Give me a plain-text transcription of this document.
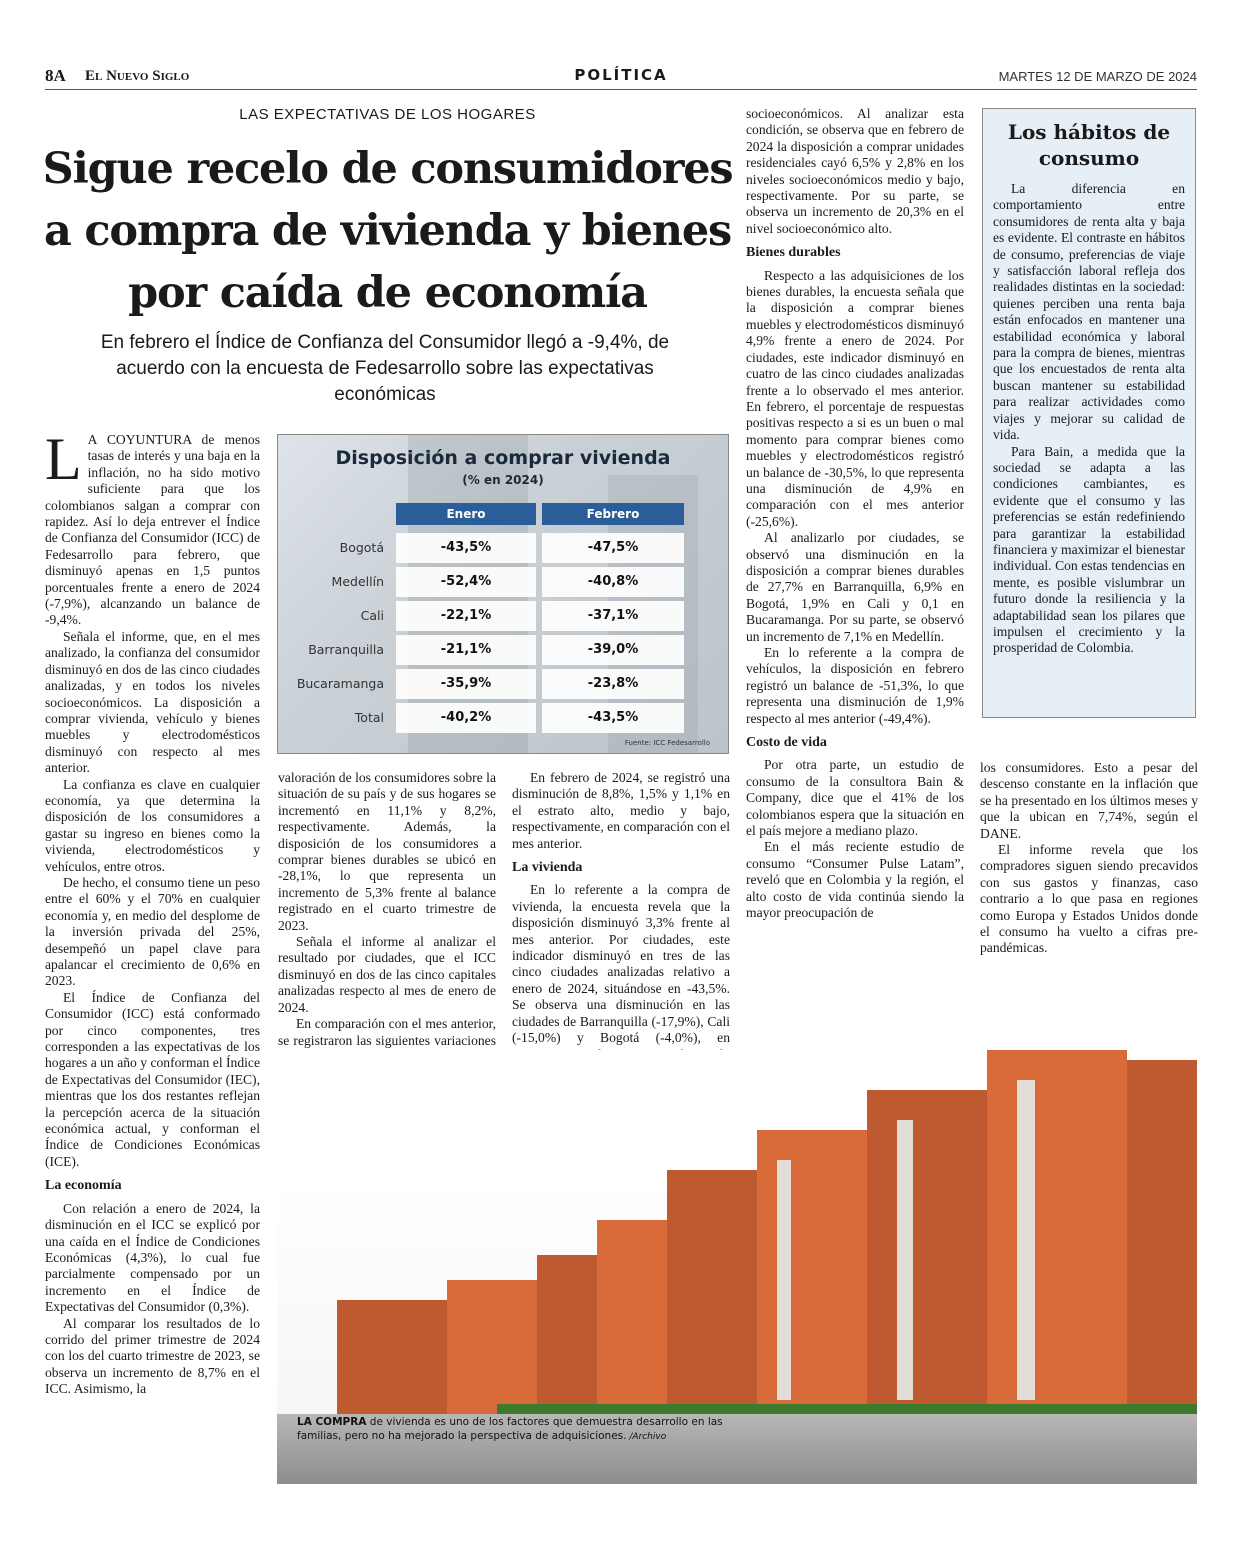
8A El Nuevo Siglo	POLÍTICA	MARTES 12 DE MARZO DE 2024
LAS EXPECTATIVAS DE LOS HOGARES
Sigue recelo de consumidores a compra de vivienda y bienes por caída de economía
En febrero el Índice de Confianza del Consumidor llegó a -9,4%, de acuerdo con la encuesta de Fedesarrollo sobre las expectativas económicas

L A COYUNTURA de menos tasas de interés y una baja en la inflación, no ha sido motivo suficiente para que los colombianos salgan a comprar con rapidez. Así lo deja entrever el Índice de Confianza del Consumidor (ICC) de Fedesarrollo para febrero, que disminuyó apenas en 1,5 puntos porcentuales frente a enero de 2024 (-7,9%), alcanzando un balance de -9,4%.

Señala el informe, que, en el mes analizado, la confianza del consumidor disminuyó en dos de las cinco ciudades analizadas, y en todos los niveles socioeconómicos. La disposición a comprar vivienda, vehículo y bienes muebles y electrodomésticos disminuyó con respecto al mes anterior.

La confianza es clave en cualquier economía, ya que determina la disposición de los consumidores a gastar su ingreso en bienes como la vivienda, electrodomésticos y vehículos, entre otros.

De hecho, el consumo tiene un peso entre el 60% y el 70% en cualquier economía y, en medio del desplome de la inversión privada del 25%, desempeñó un papel clave para apalancar el crecimiento de 0,6% en 2023.

El Índice de Confianza del Consumidor (ICC) está conformado por cinco componentes, tres corresponden a las expectativas de los hogares a un año y conforman el Índice de Expectativas del Consumidor (IEC), mientras que los dos restantes reflejan la percepción acerca de la situación económica actual, y conforman el Índice de Condiciones Económicas (ICE).

La economía

Con relación a enero de 2024, la disminución en el ICC se explicó por una caída en el Índice de Condiciones Económicas (4,3%), lo cual fue parcialmente compensado por un incremento en el Índice de Expectativas del Consumidor (0,3%).

Al comparar los resultados de lo corrido del primer trimestre de 2024 con los del cuarto trimestre de 2023, se observa un incremento de 8,7% en el ICC. Asimismo, la

Disposición a comprar vivienda
(% en 2024)
Enero	Febrero
Bogotá	-43,5%	-47,5%
Medellín	-52,4%	-40,8%
Cali	-22,1%	-37,1%
Barranquilla	-21,1%	-39,0%
Bucaramanga	-35,9%	-23,8%
Total	-40,2%	-43,5%
Fuente: ICC Fedesarrollo

valoración de los consumidores sobre la situación de su país y de sus hogares se incrementó en 11,1% y 8,2%, respectivamente. Además, la disposición de los consumidores a comprar bienes durables se ubicó en -28,1%, lo que representa un incremento de 5,3% frente al balance registrado en el cuarto trimestre de 2023.

Señala el informe al analizar el resultado por ciudades, que el ICC disminuyó en dos de las cinco capitales analizadas respecto al mes de enero de 2024.

En comparación con el mes anterior, se registraron las siguientes variaciones

En febrero de 2024, se registró una disminución de 8,8%, 1,5% y 1,1% en el estrato alto, medio y bajo, respectivamente, en comparación con el mes anterior.

La vivienda

En lo referente a la compra de vivienda, la encuesta revela que la disposición disminuyó 3,3% frente al mes anterior. Por ciudades, este indicador disminuyó en tres de las cinco ciudades analizadas relativo a enero de 2024, situándose en -43,5%. Se observa una disminución en las ciudades de Barranquilla (-17,9%), Cali (-15,0%) y Bogotá (-4,0%), en

socioeconómicos. Al analizar esta condición, se observa que en febrero de 2024 la disposición a comprar unidades residenciales cayó 6,5% y 2,8% en los niveles socioeconómicos medio y bajo, respectivamente. Por su parte, se observa un incremento de 20,3% en el nivel socioeconómico alto.

Bienes durables

Respecto a las adquisiciones de los bienes durables, la encuesta señala que la disposición a comprar bienes muebles y electrodomésticos disminuyó 4,9% frente a enero de 2024. Por ciudades, este indicador disminuyó en cuatro de las cinco ciudades analizadas frente a lo observado el mes anterior. En febrero, el porcentaje de respuestas positivas respecto a si es un buen o mal momento para comprar bienes como muebles y electrodomésticos registró un balance de -30,5%, lo que representa una disminución de 4,9% en comparación con el mes anterior (-25,6%).

Al analizarlo por ciudades, se observó una disminución en la disposición a comprar bienes durables de 27,7% en Barranquilla, 6,9% en Bogotá, 1,9% en Cali y 0,1 en Bucaramanga. Por su parte, se observó un incremento de 7,1% en Medellín.

En lo referente a la compra de vehículos, la disposición en febrero registró un balance de -51,3%, lo que representa una disminución de 1,9% respecto al mes anterior (-49,4%).

Costo de vida

Por otra parte, un estudio de consumo de la consultora Bain & Company, dice que el 41% de los colombianos espera que la situación en el país mejore a mediano plazo.

En el más reciente estudio de consumo “Consumer Pulse Latam”, reveló que en Colombia y la región, el alto costo de vida continúa siendo la mayor preocupación de

Los hábitos de consumo

La diferencia en comportamiento entre consumidores de renta alta y baja es evidente. El contraste en hábitos de consumo, preferencias de viaje y satisfacción laboral refleja dos realidades distintas en la sociedad: quienes perciben una renta baja están enfocados en mantener una estabilidad económica y laboral para la compra de bienes, mientras que los encuestados de renta alta buscan mantener su estabilidad para realizar actividades como viajes y mejorar su calidad de vida.

Para Bain, a medida que la sociedad se adapta a las condiciones cambiantes, es evidente que el consumo y las preferencias se están redefiniendo para garantizar la estabilidad financiera y maximizar el bienestar individual. Con estas tendencias en mente, es posible vislumbrar un futuro donde la resiliencia y la adaptabilidad sean los pilares que impulsen el crecimiento y la prosperidad de Colombia.

los consumidores. Esto a pesar del descenso constante en la inflación que se ha presentado en los últimos meses y que la ubican en 7,74%, según el DANE.

El informe revela que los compradores siguen siendo precavidos con sus gastos y finanzas, caso contrario a lo que pasa en regiones como Europa y Estados Unidos donde el consumo ha vuelto a cifras pre-pandémicas.

LA COMPRA de vivienda es uno de los factores que demuestra desarrollo en las familias, pero no ha mejorado la perspectiva de adquisiciones. /Archivo
